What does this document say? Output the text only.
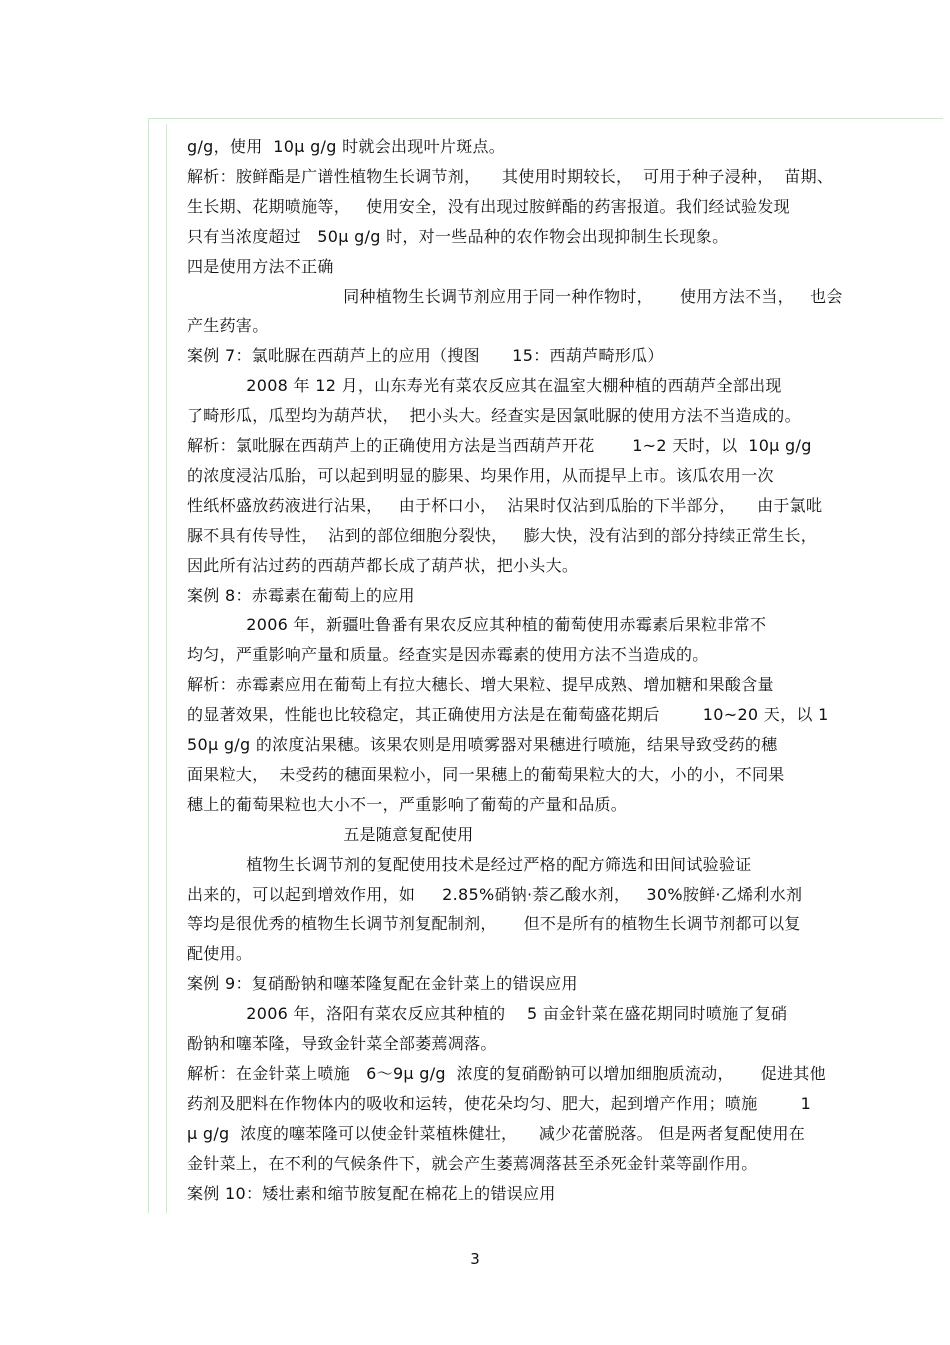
g/g，使用  10μ g/g 时就会出现叶片斑点。
解析：胺鲜酯是广谱性植物生长调节剂，    其使用时期较长，  可用于种子浸种，  苗期、
生长期、花期喷施等，   使用安全，没有出现过胺鲜酯的药害报道。我们经试验发现
只有当浓度超过   50μ g/g 时，对一些品种的农作物会出现抑制生长现象。
四是使用方法不正确
同种植物生长调节剂应用于同一种作物时，     使用方法不当，   也会
产生药害。
案例 7：氯吡脲在西葫芦上的应用（搜图      15：西葫芦畸形瓜）
2008 年 12 月，山东寿光有菜农反应其在温室大棚种植的西葫芦全部出现
了畸形瓜，瓜型均为葫芦状，  把小头大。经查实是因氯吡脲的使用方法不当造成的。
解析：氯吡脲在西葫芦上的正确使用方法是当西葫芦开花       1~2 天时，以  10μ g/g
的浓度浸沾瓜胎，可以起到明显的膨果、均果作用，从而提早上市。该瓜农用一次
性纸杯盛放药液进行沾果，   由于杯口小，  沾果时仅沾到瓜胎的下半部分，    由于氯吡
脲不具有传导性，  沾到的部位细胞分裂快，   膨大快，没有沾到的部分持续正常生长，
因此所有沾过药的西葫芦都长成了葫芦状，把小头大。
案例 8：赤霉素在葡萄上的应用
2006 年，新疆吐鲁番有果农反应其种植的葡萄使用赤霉素后果粒非常不
均匀，严重影响产量和质量。经查实是因赤霉素的使用方法不当造成的。
解析：赤霉素应用在葡萄上有拉大穗长、增大果粒、提早成熟、增加糖和果酸含量
的显著效果，性能也比较稳定，其正确使用方法是在葡萄盛花期后        10~20 天，以 1
50μ g/g 的浓度沾果穗。该果农则是用喷雾器对果穗进行喷施，结果导致受药的穗
面果粒大，  未受药的穗面果粒小，同一果穗上的葡萄果粒大的大，小的小，不同果
穗上的葡萄果粒也大小不一，严重影响了葡萄的产量和品质。
五是随意复配使用
植物生长调节剂的复配使用技术是经过严格的配方筛选和田间试验验证
出来的，可以起到增效作用，如     2.85%硝钠·萘乙酸水剂，   30%胺鲜·乙烯利水剂
等均是很优秀的植物生长调节剂复配制剂，     但不是所有的植物生长调节剂都可以复
配使用。
案例 9：复硝酚钠和噻苯隆复配在金针菜上的错误应用
2006 年，洛阳有菜农反应其种植的    5 亩金针菜在盛花期同时喷施了复硝
酚钠和噻苯隆，导致金针菜全部萎蔫凋落。
解析：在金针菜上喷施   6～9μ g/g  浓度的复硝酚钠可以增加细胞质流动，     促进其他
药剂及肥料在作物体内的吸收和运转，使花朵均匀、肥大，起到增产作用；喷施        1
μ g/g  浓度的噻苯隆可以使金针菜植株健壮，    减少花蕾脱落。 但是两者复配使用在
金针菜上，在不利的气候条件下，就会产生萎蔫凋落甚至杀死金针菜等副作用。
案例 10：矮壮素和缩节胺复配在棉花上的错误应用
3
